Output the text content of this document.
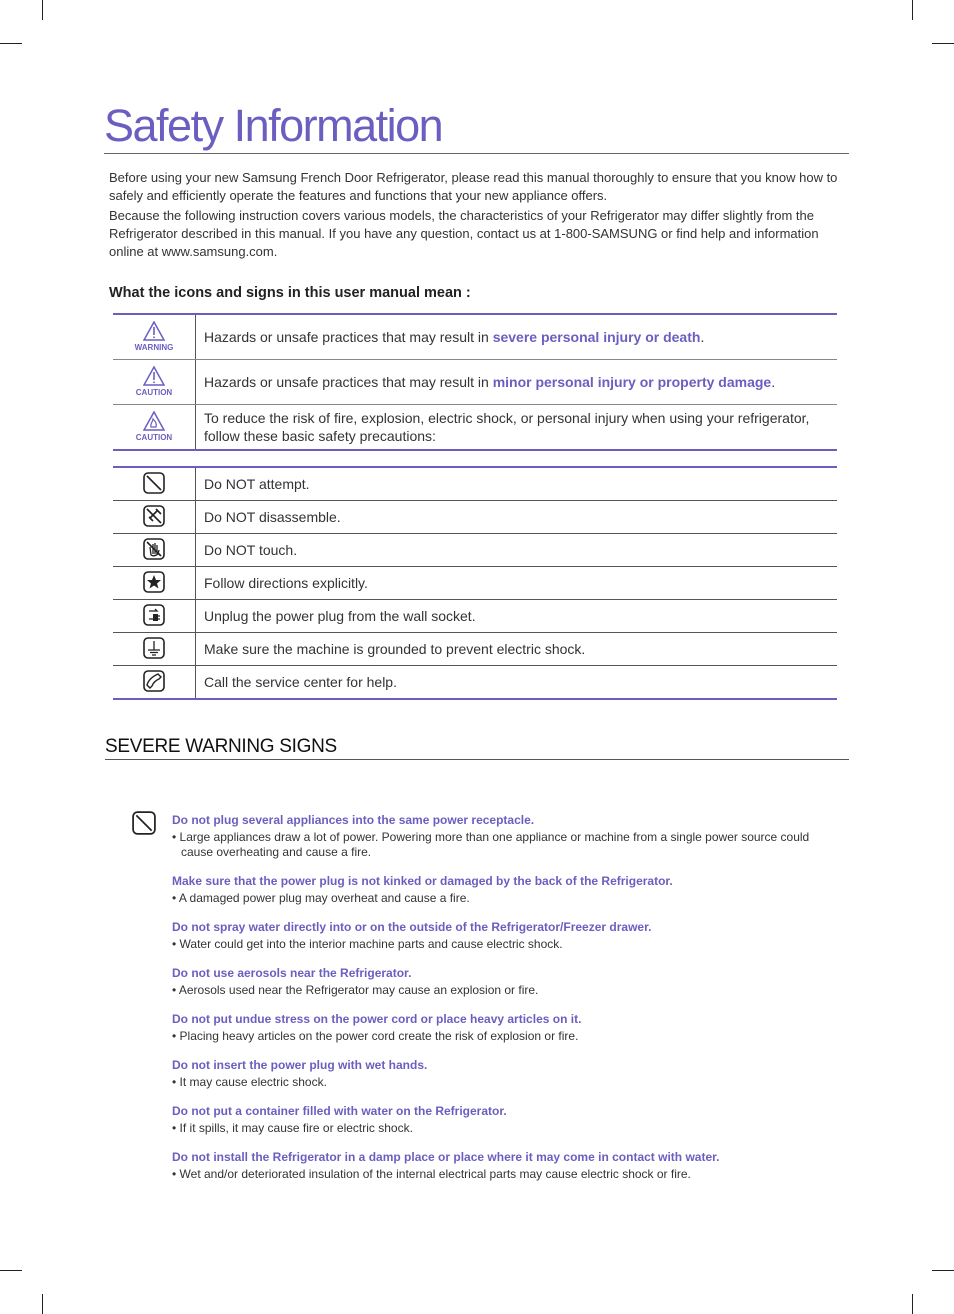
Safety Information

Before using your new Samsung French Door Refrigerator, please read this manual thoroughly to ensure that you know how to safely and efficiently operate the features and functions that your new appliance offers.

Because the following instruction covers various models, the characteristics of your Refrigerator may differ slightly from the Refrigerator described in this manual. If you have any question, contact us at 1-800-SAMSUNG or find help and information online at www.samsung.com.

What the icons and signs in this user manual mean :
WARNING	Hazards or unsafe practices that may result in severe personal injury or death.

CAUTION	Hazards or unsafe practices that may result in minor personal injury or property damage.

CAUTION	To reduce the risk of fire, explosion, electric shock, or personal injury when using your refrigerator, follow these basic safety precautions:
	Do NOT attempt.
	Do NOT disassemble.
	Do NOT touch.
	Follow directions explicitly.
	Unplug the power plug from the wall socket.
	Make sure the machine is grounded to prevent electric shock.
	Call the service center for help.
SEVERE WARNING SIGNS
Do not plug several appliances into the same power receptacle.
• Large appliances draw a lot of power. Powering more than one appliance or machine from a single power source could cause overheating and cause a fire.
Make sure that the power plug is not kinked or damaged by the back of the Refrigerator.
• A damaged power plug may overheat and cause a fire.
Do not spray water directly into or on the outside of the Refrigerator/Freezer drawer.
• Water could get into the interior machine parts and cause electric shock.
Do not use aerosols near the Refrigerator.
• Aerosols used near the Refrigerator may cause an explosion or fire.
Do not put undue stress on the power cord or place heavy articles on it.
• Placing heavy articles on the power cord create the risk of explosion or fire.
Do not insert the power plug with wet hands.
• It may cause electric shock.
Do not put a container filled with water on the Refrigerator.
• If it spills, it may cause fire or electric shock.
Do not install the Refrigerator in a damp place or place where it may come in contact with water.
• Wet and/or deteriorated insulation of the internal electrical parts may cause electric shock or fire.
